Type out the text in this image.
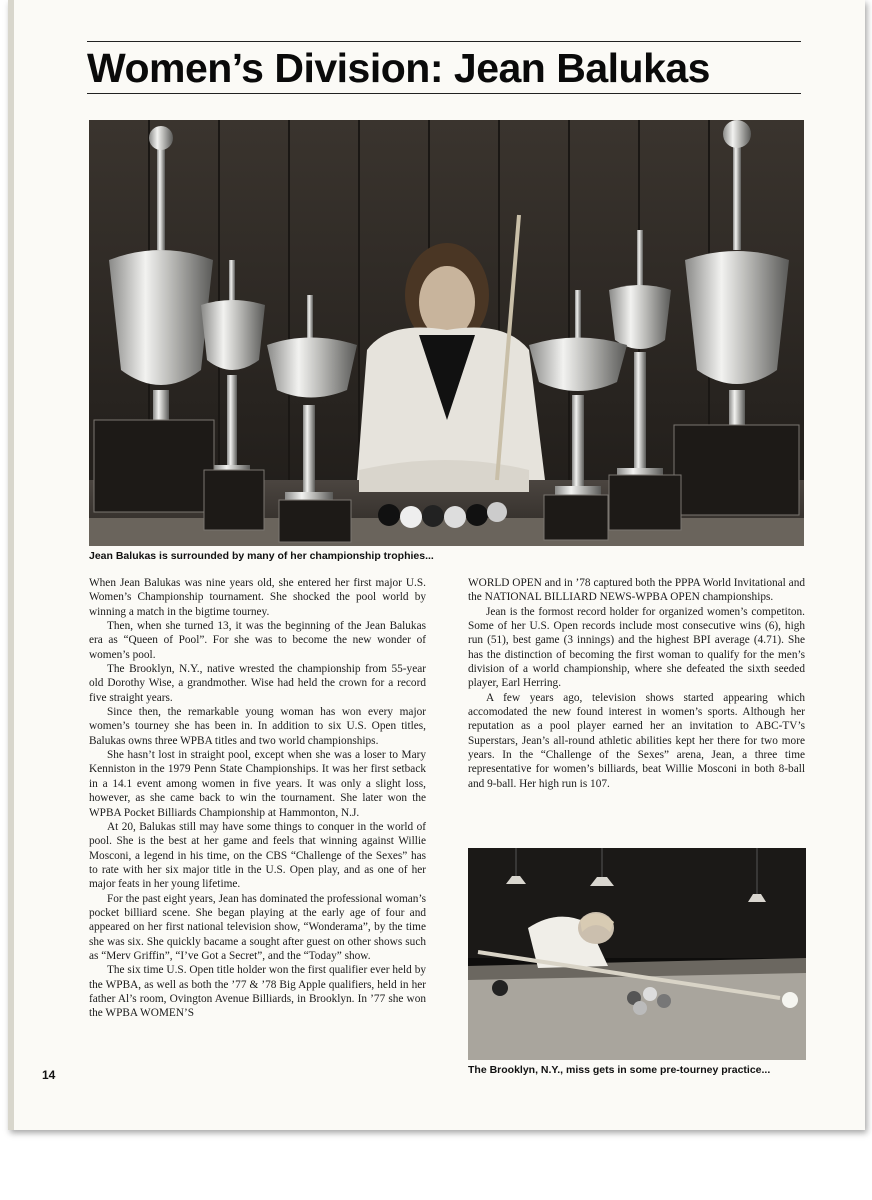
Women’s Division: Jean Balukas
Jean Balukas is surrounded by many of her championship trophies...

When Jean Balukas was nine years old, she entered her first major U.S. Women’s Championship tournament. She shocked the pool world by winning a match in the bigtime tourney.

Then, when she turned 13, it was the beginning of the Jean Balukas era as “Queen of Pool”. For she was to become the new wonder of women’s pool.

The Brooklyn, N.Y., native wrested the championship from 55-year old Dorothy Wise, a grandmother. Wise had held the crown for a record five straight years.

Since then, the remarkable young woman has won every major women’s tourney she has been in. In addition to six U.S. Open titles, Balukas owns three WPBA titles and two world championships.

She hasn’t lost in straight pool, except when she was a loser to Mary Kenniston in the 1979 Penn State Championships. It was her first setback in a 14.1 event among women in five years. It was only a slight loss, however, as she came back to win the tournament. She later won the WPBA Pocket Billiards Championship at Hammonton, N.J.

At 20, Balukas still may have some things to conquer in the world of pool. She is the best at her game and feels that winning against Willie Mosconi, a legend in his time, on the CBS “Challenge of the Sexes” has to rate with her six major title in the U.S. Open play, and as one of her major feats in her young lifetime.

For the past eight years, Jean has dominated the professional woman’s pocket billiard scene. She began playing at the early age of four and appeared on her first national television show, “Wonderama”, by the time she was six. She quickly bacame a sought after guest on other shows such as “Merv Griffin”, “I’ve Got a Secret”, and the “Today” show.

The six time U.S. Open title holder won the first qualifier ever held by the WPBA, as well as both the ’77 & ’78 Big Apple qualifiers, held in her father Al’s room, Ovington Avenue Billiards, in Brooklyn. In ’77 she won the WPBA WOMEN’S

WORLD OPEN and in ’78 captured both the PPPA World Invitational and the NATIONAL BILLIARD NEWS-WPBA OPEN championships.

Jean is the formost record holder for organized women’s competiton. Some of her U.S. Open records include most consecutive wins (6), high run (51), best game (3 innings) and the highest BPI average (4.71). She has the distinction of becoming the first woman to qualify for the men’s division of a world championship, where she defeated the sixth seeded player, Earl Herring.

A few years ago, television shows started appearing which accomodated the new found interest in women’s sports. Although her reputation as a pool player earned her an invitation to ABC-TV’s Superstars, Jean’s all-round athletic abilities kept her there for two more years. In the “Challenge of the Sexes” arena, Jean, a three time representative for women’s billiards, beat Willie Mosconi in both 8-ball and 9-ball. Her high run is 107.

The Brooklyn, N.Y., miss gets in some pre-tourney practice...
14
